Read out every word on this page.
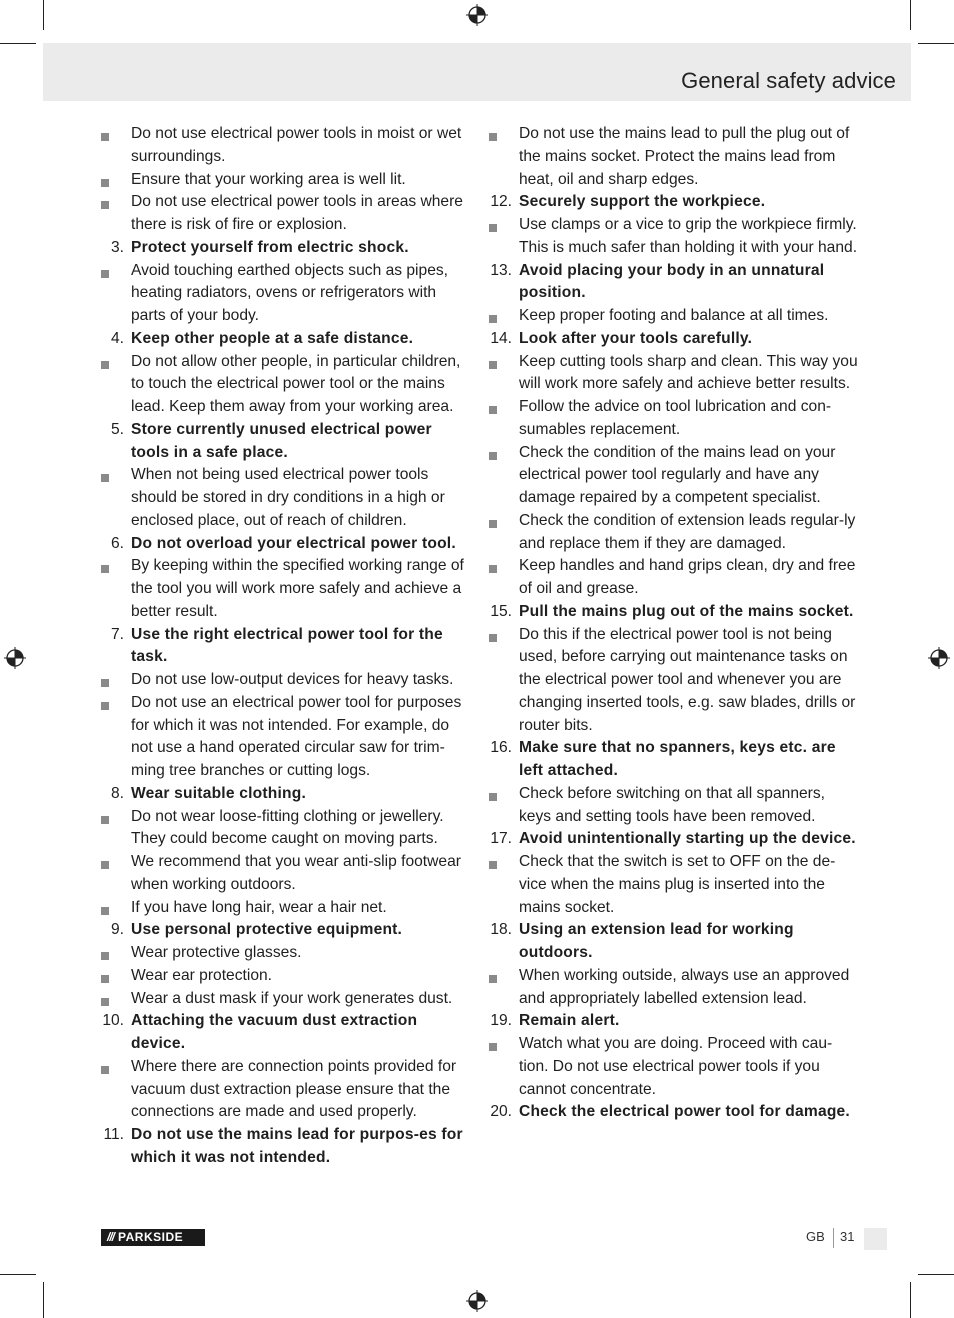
General safety advice
Do not use electrical power tools in moist or wet surroundings.
Ensure that your working area is well lit.
Do not use electrical power tools in areas where there is risk of fire or explosion.
3. Protect yourself from electric shock.
Avoid touching earthed objects such as pipes, heating radiators, ovens or refrigerators with parts of your body.
4. Keep other people at a safe distance.
Do not allow other people, in particular children, to touch the electrical power tool or the mains lead. Keep them away from your working area.
5. Store currently unused electrical power tools in a safe place.
When not being used electrical power tools should be stored in dry conditions in a high or enclosed place, out of reach of children.
6. Do not overload your electrical power tool.
By keeping within the specified working range of the tool you will work more safely and achieve a better result.
7. Use the right electrical power tool for the task.
Do not use low-output devices for heavy tasks.
Do not use an electrical power tool for purposes for which it was not intended. For example, do not use a hand operated circular saw for trim-ming tree branches or cutting logs.
8. Wear suitable clothing.
Do not wear loose-fitting clothing or jewellery. They could become caught on moving parts.
We recommend that you wear anti-slip footwear when working outdoors.
If you have long hair, wear a hair net.
9. Use personal protective equipment.
Wear protective glasses.
Wear ear protection.
Wear a dust mask if your work generates dust.
10. Attaching the vacuum dust extraction device.
Where there are connection points provided for vacuum dust extraction please ensure that the connections are made and used properly.
11. Do not use the mains lead for purpos-es for which it was not intended.
Do not use the mains lead to pull the plug out of the mains socket. Protect the mains lead from heat, oil and sharp edges.
12. Securely support the workpiece.
Use clamps or a vice to grip the workpiece firmly. This is much safer than holding it with your hand.
13. Avoid placing your body in an unnatural position.
Keep proper footing and balance at all times.
14. Look after your tools carefully.
Keep cutting tools sharp and clean. This way you will work more safely and achieve better results.
Follow the advice on tool lubrication and con-sumables replacement.
Check the condition of the mains lead on your electrical power tool regularly and have any damage repaired by a competent specialist.
Check the condition of extension leads regular-ly and replace them if they are damaged.
Keep handles and hand grips clean, dry and free of oil and grease.
15. Pull the mains plug out of the mains socket.
Do this if the electrical power tool is not being used, before carrying out maintenance tasks on the electrical power tool and whenever you are changing inserted tools, e.g. saw blades, drills or router bits.
16. Make sure that no spanners, keys etc. are left attached.
Check before switching on that all spanners, keys and setting tools have been removed.
17. Avoid unintentionally starting up the device.
Check that the switch is set to OFF on the de-vice when the mains plug is inserted into the mains socket.
18. Using an extension lead for working outdoors.
When working outside, always use an approved and appropriately labelled extension lead.
19. Remain alert.
Watch what you are doing. Proceed with cau-tion. Do not use electrical power tools if you cannot concentrate.
20. Check the electrical power tool for damage.
/// PARKSIDE	GB 31
